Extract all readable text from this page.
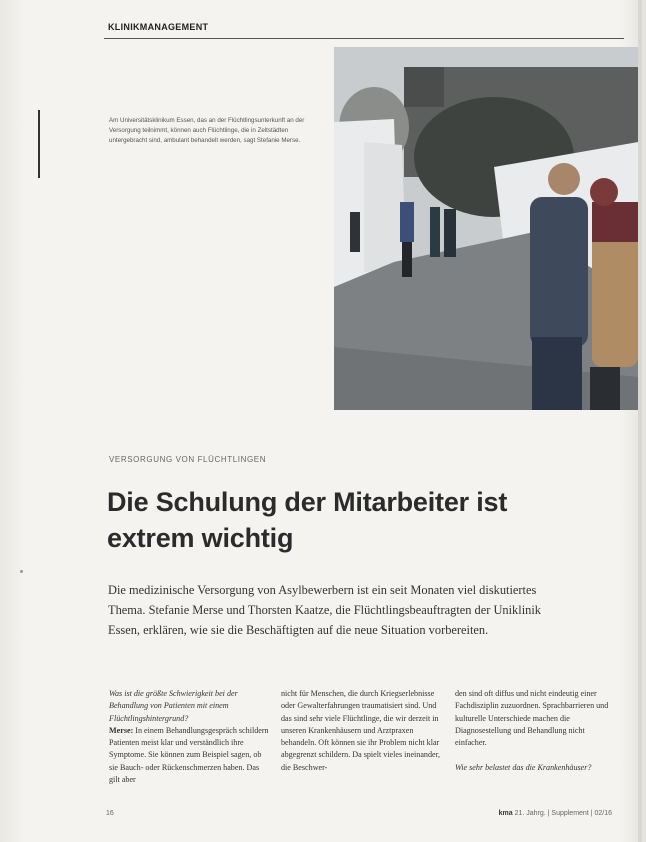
KLINIKMANAGEMENT
Am Universitätsklinikum Essen, das an der Flüchtlingsunterkunft an der Versorgung teilnimmt, können auch Flüchtlinge, die in Zeltstädten untergebracht sind, ambulant behandelt werden, sagt Stefanie Merse.
VERSORGUNG VON FLÜCHTLINGEN
Die Schulung der Mitarbeiter ist extrem wichtig
Die medizinische Versorgung von Asylbewerbern ist ein seit Monaten viel diskutiertes Thema. Stefanie Merse und Thorsten Kaatze, die Flüchtlingsbeauftragten der Uniklinik Essen, erklären, wie sie die Beschäftigten auf die neue Situation vorbereiten.
Was ist die größte Schwierigkeit bei der Behandlung von Patienten mit einem Flüchtlingshintergrund?
Merse: In einem Behandlungsgespräch schildern Patienten meist klar und verständlich ihre Symptome. Sie können zum Beispiel sagen, ob sie Bauch- oder Rückenschmerzen haben. Das gilt aber
nicht für Menschen, die durch Kriegserlebnisse oder Gewalterfahrungen traumatisiert sind. Und das sind sehr viele Flüchtlinge, die wir derzeit in unseren Krankenhäusern und Arztpraxen behandeln. Oft können sie ihr Problem nicht klar abgegrenzt schildern. Da spielt vieles ineinander, die Beschwer-
den sind oft diffus und nicht eindeutig einer Fachdisziplin zuzuordnen. Sprachbarrieren und kulturelle Unterschiede machen die Diagnosestellung und Behandlung nicht einfacher.

Wie sehr belastet das die Krankenhäuser?
16	kma 21. Jahrg. | Supplement | 02/16
